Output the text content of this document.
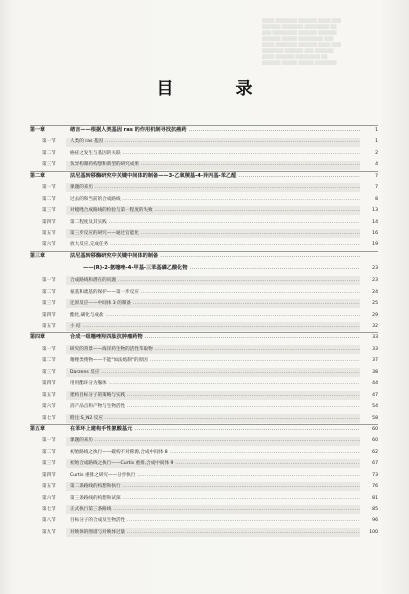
████ ███████ ██████ ████ ███
██████ ███████ ████████ ██
███ ████████ ██████ ██████
██████ █████ ████████ ███
████ ███████ ██████ ████ ███
███████ ██████ ███ ██████
████ ██████ ████████ ██
██████ █████ █████ ███████
目 录
第一章	绪言——根据人类基因 ras 的作用机制寻找抗癌药 .....	1
第一节	人类的 ras 基因 .....	1
第二节	癌症之发生与基因的关联 .....	2
第三节	负异构制药构想和新型的研究成果 .....	4
第二章	法尼基转移酶研究中关键中间体的制备——3-乙氧羰基-4-异丙基-苯乙醛 .....	7
第一节	课题的来历 .....	7
第二节	过去的和当前的合成路线 .....	8
第三节	对噁唑合成路线的检验与第一程度的失败 .....	13
第四节	第二程度及其实践 .....	14
第五节	第三步反应的研究——通过官能化 .....	16
第六节	放大反应,完成任务 .....	19
第三章	法尼基转移酶研究中关键中间体的制备 .....
——(R)-2-氨噻唑-4-甲基-三苯基磷乙酸化物 .....	23
第一节	合成路线和潜在的问题 .....	23
第二节	氨基和巯基的保护——第一步反应 .....	24
第三节	还原反应——中间体 3 的制备 .....	25
第四节	酯化,磺化与成盐 .....	29
第五节	小 结 .....	32
第四章	合成一组噻唑羟四肽抗肿瘤药物 .....	33
第一节	研究的背景——海洋药生物的活性萃取物 .....	33
第二节	噻唑类羧物——不能"如法炮制"的原因 .....	37
第三节	Darzens 反应 .....	38
第四节	用用酯环分为腺体 .....	44
第五节	建构目标分子的策略与实践 .....	47
第六节	消产品点和产物与生物活性 .....	54
第七节	附注:S_N2 反应 .....	58
第五章	在苯环上建构手性氨酸基元 .....	60
第一节	课题的来历 .....	60
第二节	初始路线之执行——碳构不对称源,合成中间体 8 .....	62
第三节	初始合成路线之执行——Curtis 重排,合成中间体 9 .....	67
第四节	Curtis 重排之研究——分步执行 .....	73
第五节	第二条路线的构想和执行 .....	76
第六节	第三条路线的构想和试探 .....	81
第七节	正式执行第三条路线 .....	85
第八节	目标分子的合成及生物活性 .....	96
第九节	对映体的图谱与对映体过量 .....	100
